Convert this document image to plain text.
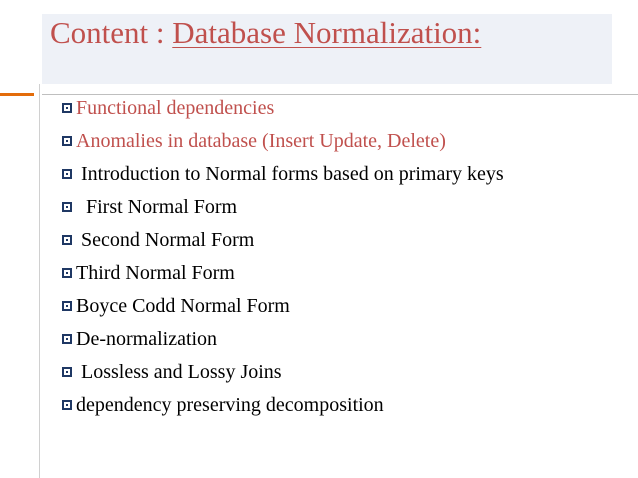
Content : Database Normalization:
Functional dependencies
Anomalies in database (Insert Update, Delete)
Introduction to Normal forms based on primary keys
First Normal Form
Second Normal Form
Third Normal Form
Boyce Codd Normal Form
De-normalization
Lossless and Lossy Joins
dependency preserving decomposition
